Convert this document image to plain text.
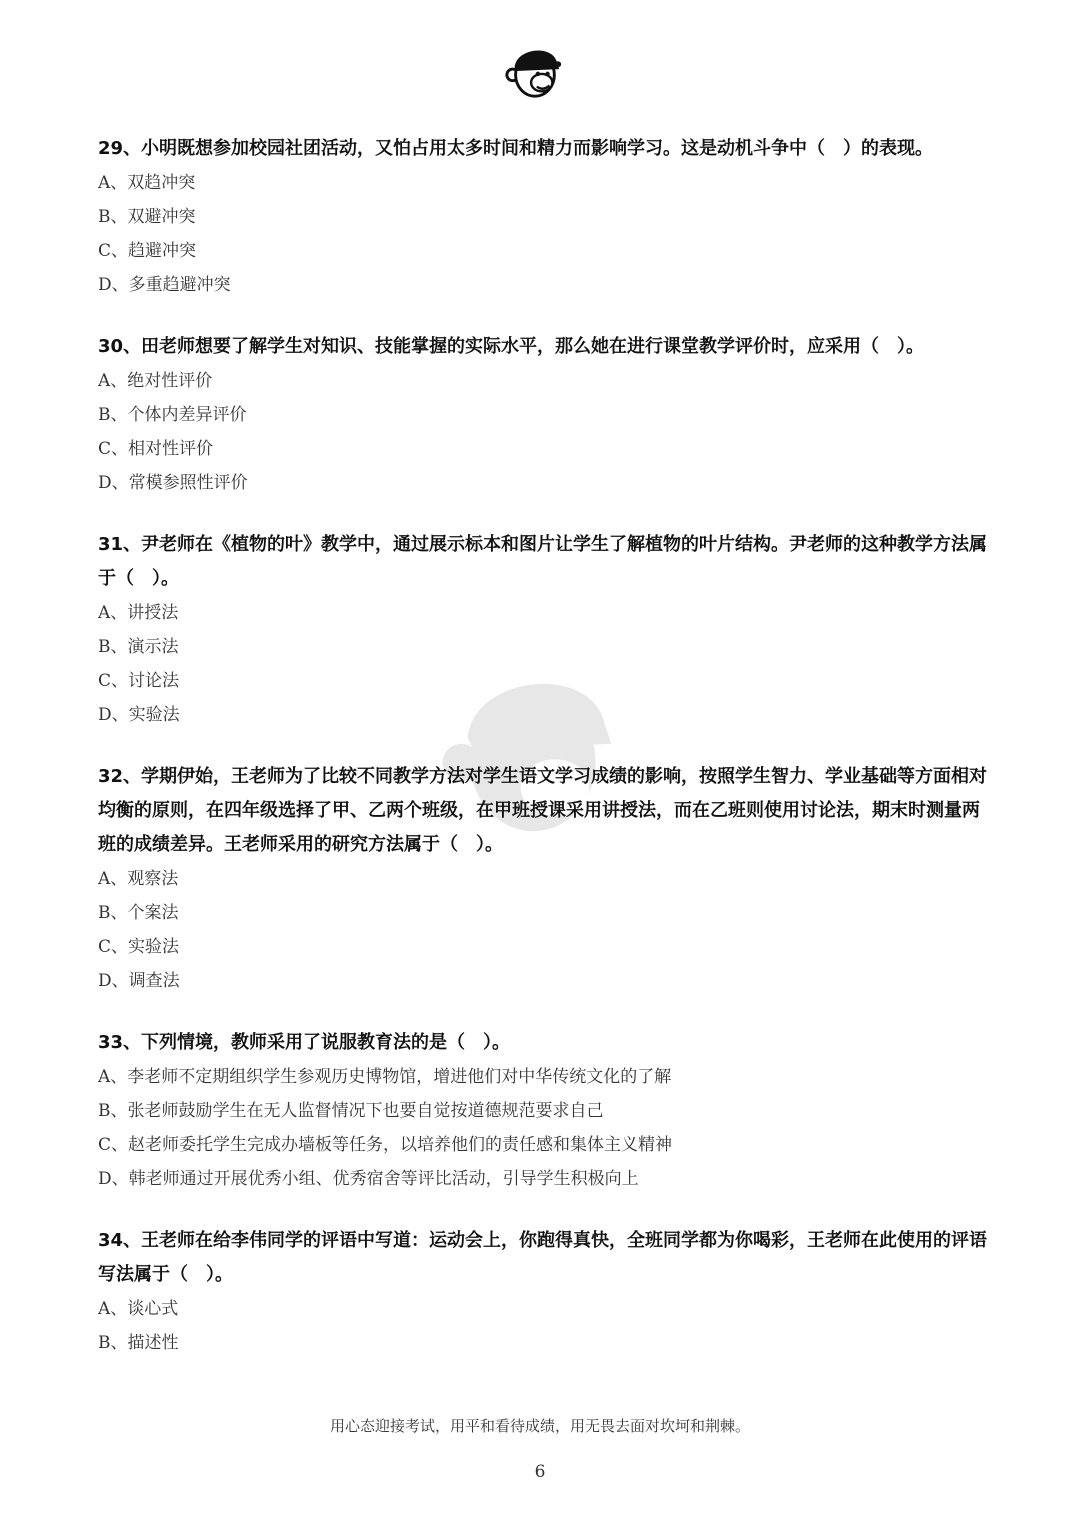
29、小明既想参加校园社团活动，又怕占用太多时间和精力而影响学习。这是动机斗争中（　）的表现。

A、 双趋冲突

B、 双避冲突

C、 趋避冲突

D、 多重趋避冲突

30、田老师想要了解学生对知识、技能掌握的实际水平，那么她在进行课堂教学评价时，应采用（　）。

A、 绝对性评价

B、 个体内差异评价

C、 相对性评价

D、 常模参照性评价

31、尹老师在《植物的叶》教学中，通过展示标本和图片让学生了解植物的叶片结构。尹老师的这种教学方法属于（　）。

A、 讲授法

B、 演示法

C、 讨论法

D、 实验法

32、学期伊始，王老师为了比较不同教学方法对学生语文学习成绩的影响，按照学生智力、学业基础等方面相对均衡的原则，在四年级选择了甲、乙两个班级，在甲班授课采用讲授法，而在乙班则使用讨论法，期末时测量两班的成绩差异。王老师采用的研究方法属于（　）。

A、 观察法

B、 个案法

C、 实验法

D、 调查法

33、下列情境，教师采用了说服教育法的是（　）。

A、 李老师不定期组织学生参观历史博物馆，增进他们对中华传统文化的了解

B、 张老师鼓励学生在无人监督情况下也要自觉按道德规范要求自己

C、 赵老师委托学生完成办墙板等任务，以培养他们的责任感和集体主义精神

D、 韩老师通过开展优秀小组、优秀宿舍等评比活动，引导学生积极向上

34、王老师在给李伟同学的评语中写道：运动会上，你跑得真快，全班同学都为你喝彩，王老师在此使用的评语写法属于（　）。

A、 谈心式

B、 描述性

用心态迎接考试，用平和看待成绩，用无畏去面对坎坷和荆棘。
6
